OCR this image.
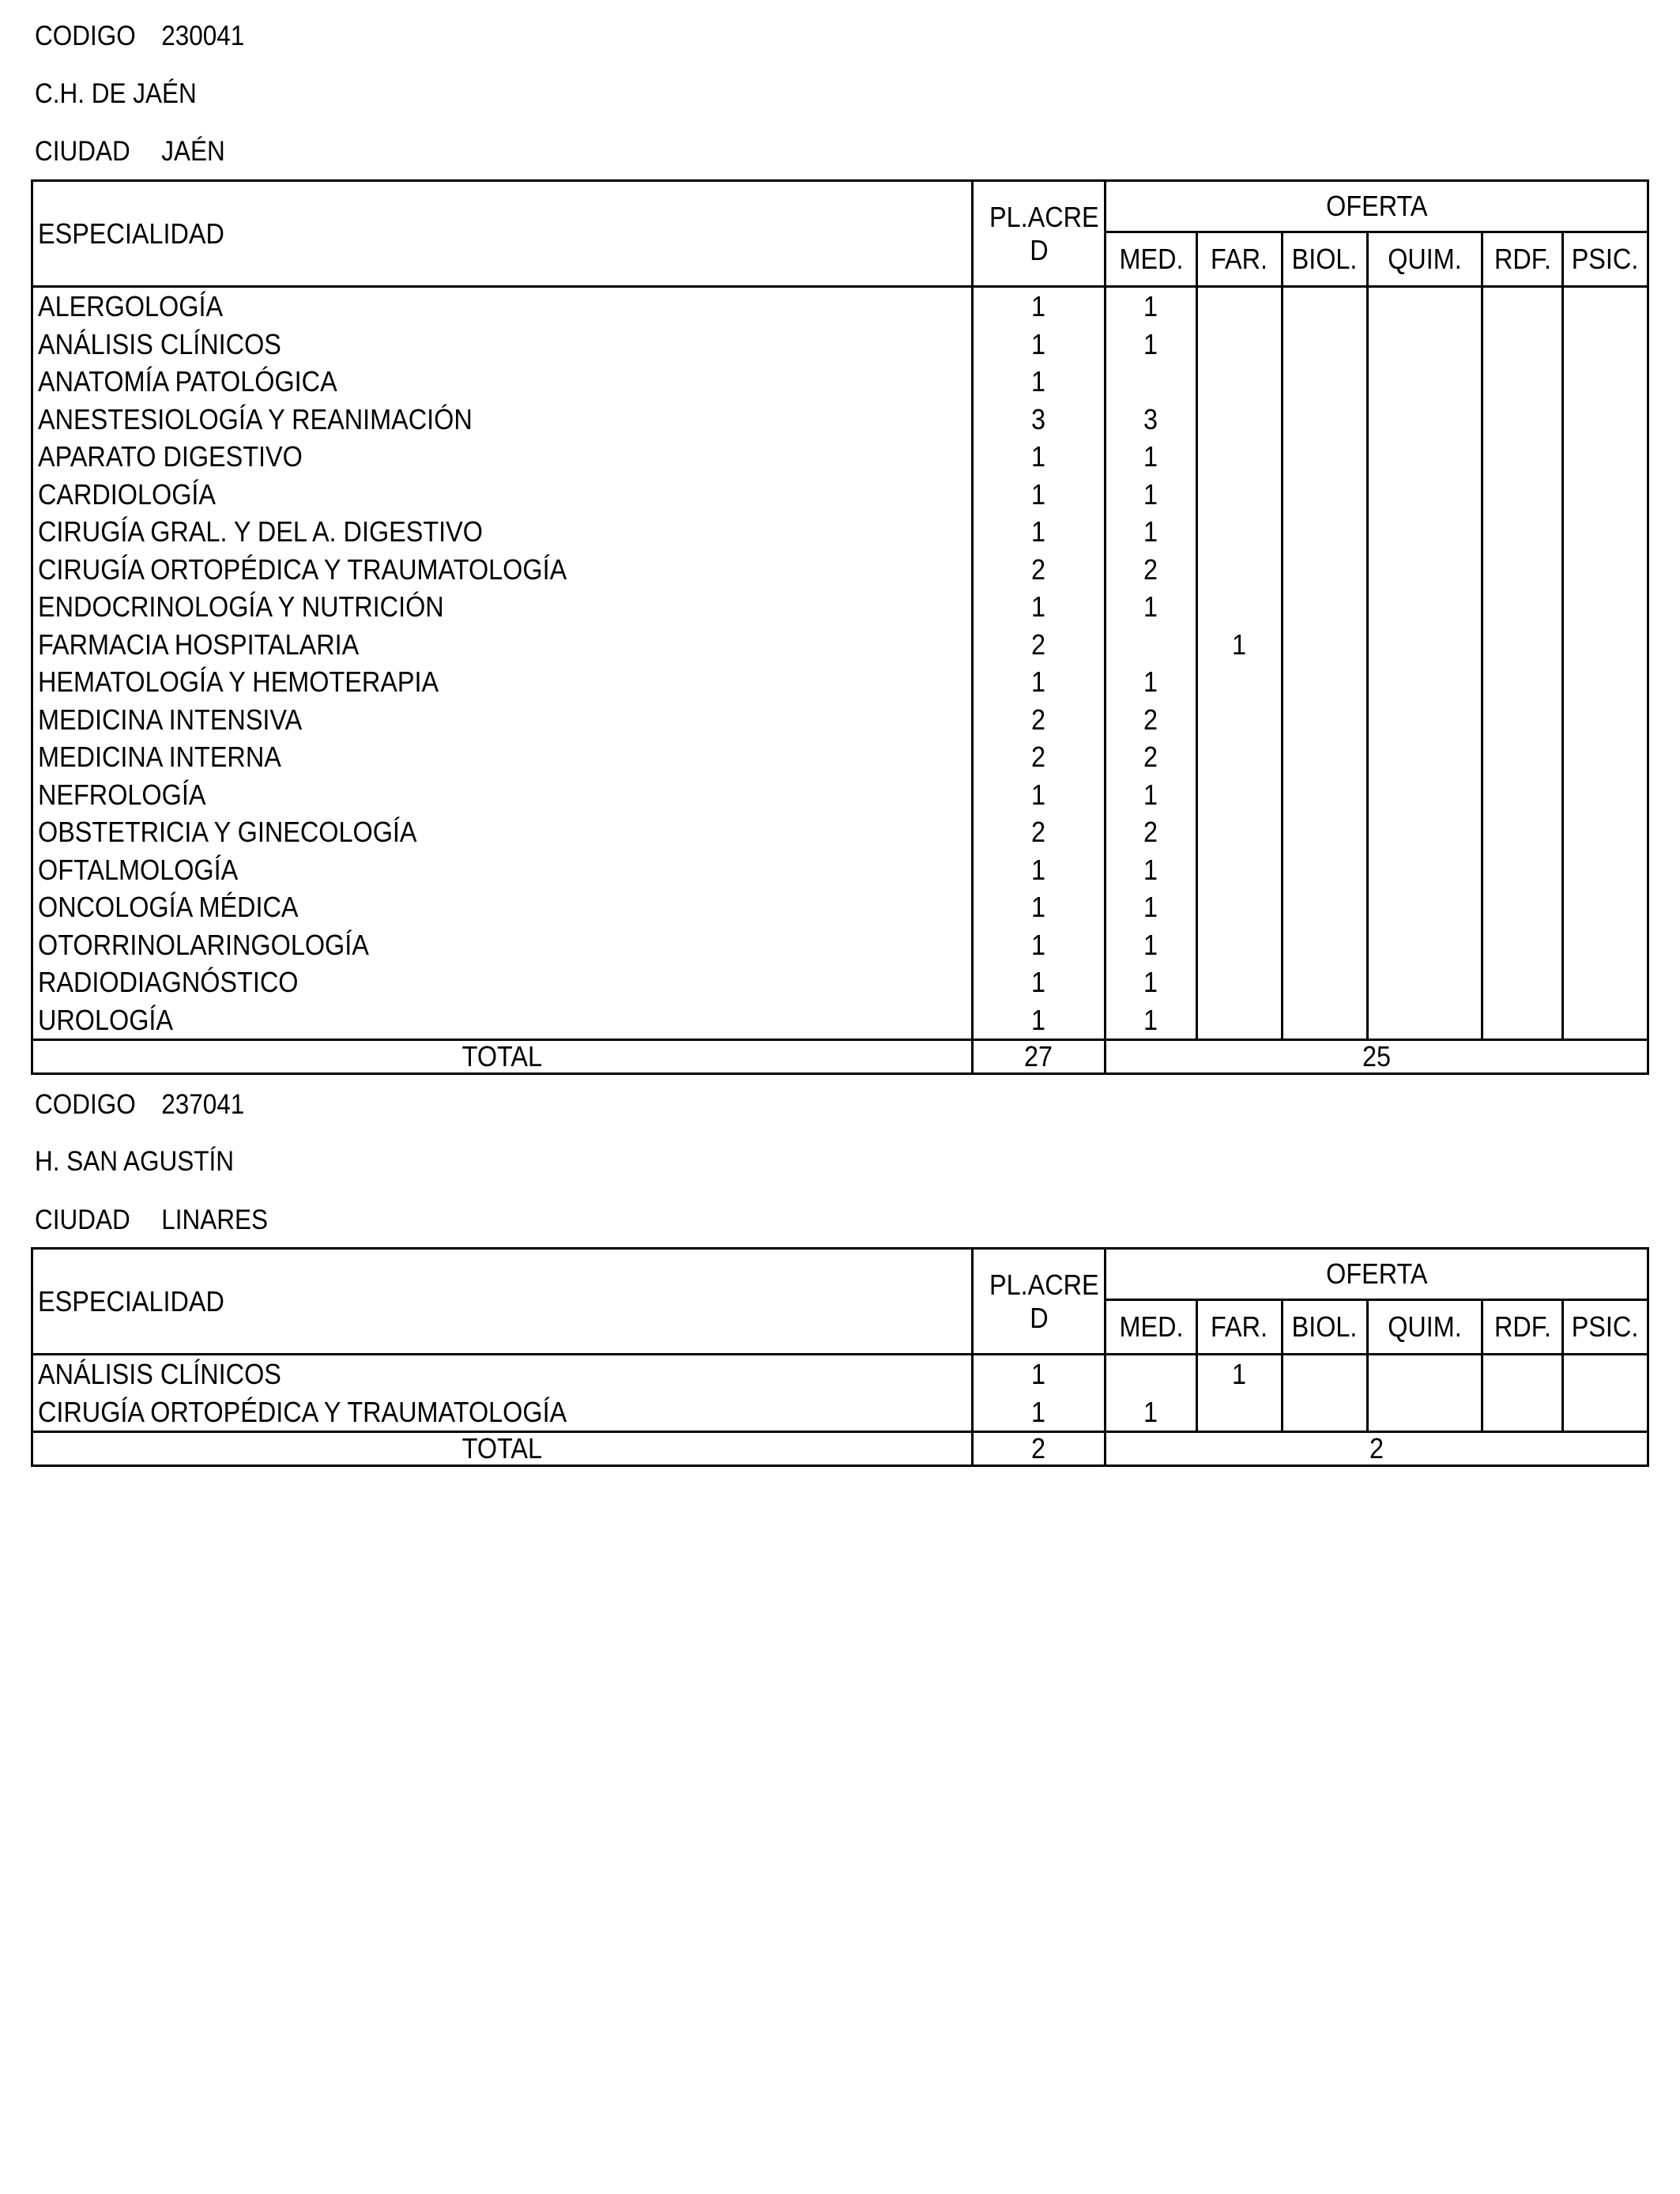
CODIGO 230041
C.H. DE JAÉN
CIUDAD JAÉN
ESPECIALIDAD	PL.ACRE D	OFERTA					
		MED.	FAR.	BIOL.	QUIM.	RDF.	PSIC.
ALERGOLOGÍA	1	1					
ANÁLISIS CLÍNICOS	1	1					
ANATOMÍA PATOLÓGICA	1						
ANESTESIOLOGÍA Y REANIMACIÓN	3	3					
APARATO DIGESTIVO	1	1					
CARDIOLOGÍA	1	1					
CIRUGÍA GRAL. Y DEL A. DIGESTIVO	1	1					
CIRUGÍA ORTOPÉDICA Y TRAUMATOLOGÍA	2	2					
ENDOCRINOLOGÍA Y NUTRICIÓN	1	1					
FARMACIA HOSPITALARIA	2		1				
HEMATOLOGÍA Y HEMOTERAPIA	1	1					
MEDICINA INTENSIVA	2	2					
MEDICINA INTERNA	2	2					
NEFROLOGÍA	1	1					
OBSTETRICIA Y GINECOLOGÍA	2	2					
OFTALMOLOGÍA	1	1					
ONCOLOGÍA MÉDICA	1	1					
OTORRINOLARINGOLOGÍA	1	1					
RADIODIAGNÓSTICO	1	1					
UROLOGÍA	1	1					
TOTAL	27	25					
CODIGO 237041
H. SAN AGUSTÍN
CIUDAD LINARES
ESPECIALIDAD	PL.ACRE D	OFERTA					
		MED.	FAR.	BIOL.	QUIM.	RDF.	PSIC.
ANÁLISIS CLÍNICOS	1		1				
CIRUGÍA ORTOPÉDICA Y TRAUMATOLOGÍA	1	1					
TOTAL	2	2					
